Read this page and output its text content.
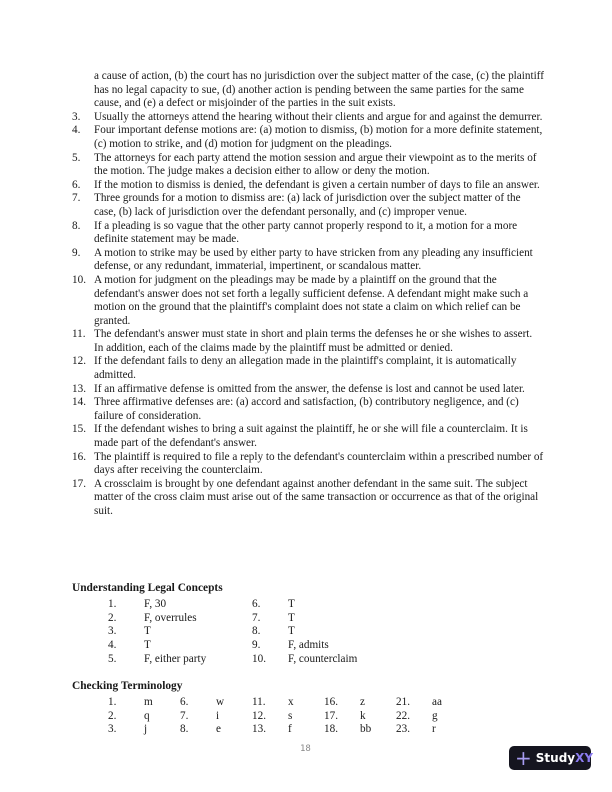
a cause of action, (b) the court has no jurisdiction over the subject matter of the case, (c) the plaintiff has no legal capacity to sue, (d) another action is pending between the same parties for the same cause, and (e) a defect or misjoinder of the parties in the suit exists.
3.	Usually the attorneys attend the hearing without their clients and argue for and against the demurrer.
4.	Four important defense motions are: (a) motion to dismiss, (b) motion for a more definite statement, (c) motion to strike, and (d) motion for judgment on the pleadings.
5.	The attorneys for each party attend the motion session and argue their viewpoint as to the merits of the motion. The judge makes a decision either to allow or deny the motion.
6.	If the motion to dismiss is denied, the defendant is given a certain number of days to file an answer.
7.	Three grounds for a motion to dismiss are: (a) lack of jurisdiction over the subject matter of the case, (b) lack of jurisdiction over the defendant personally, and (c) improper venue.
8.	If a pleading is so vague that the other party cannot properly respond to it, a motion for a more definite statement may be made.
9.	A motion to strike may be used by either party to have stricken from any pleading any insufficient defense, or any redundant, immaterial, impertinent, or scandalous matter.
10. A motion for judgment on the pleadings may be made by a plaintiff on the ground that the defendant's answer does not set forth a legally sufficient defense. A defendant might make such a motion on the ground that the plaintiff's complaint does not state a claim on which relief can be granted.
11. The defendant's answer must state in short and plain terms the defenses he or she wishes to assert. In addition, each of the claims made by the plaintiff must be admitted or denied.
12. If the defendant fails to deny an allegation made in the plaintiff's complaint, it is automatically admitted.
13. If an affirmative defense is omitted from the answer, the defense is lost and cannot be used later.
14. Three affirmative defenses are: (a) accord and satisfaction, (b) contributory negligence, and (c) failure of consideration.
15. If the defendant wishes to bring a suit against the plaintiff, he or she will file a counterclaim. It is made part of the defendant's answer.
16. The plaintiff is required to file a reply to the defendant's counterclaim within a prescribed number of days after receiving the counterclaim.
17. A crossclaim is brought by one defendant against another defendant in the same suit. The subject matter of the cross claim must arise out of the same transaction or occurrence as that of the original suit.
Understanding Legal Concepts
1.	F, 30	6.	T
2.	F, overrules	7.	T
3.	T	8.	T
4.	T	9.	F, admits
5.	F, either party	10.	F, counterclaim
Checking Terminology
1.	m	6.	w	11.	x	16.	z	21.	aa
2.	q	7.	i	12.	s	17.	k	22.	g
3.	j	8.	e	13.	f	18.	bb	23.	r
18	+ Study XY
